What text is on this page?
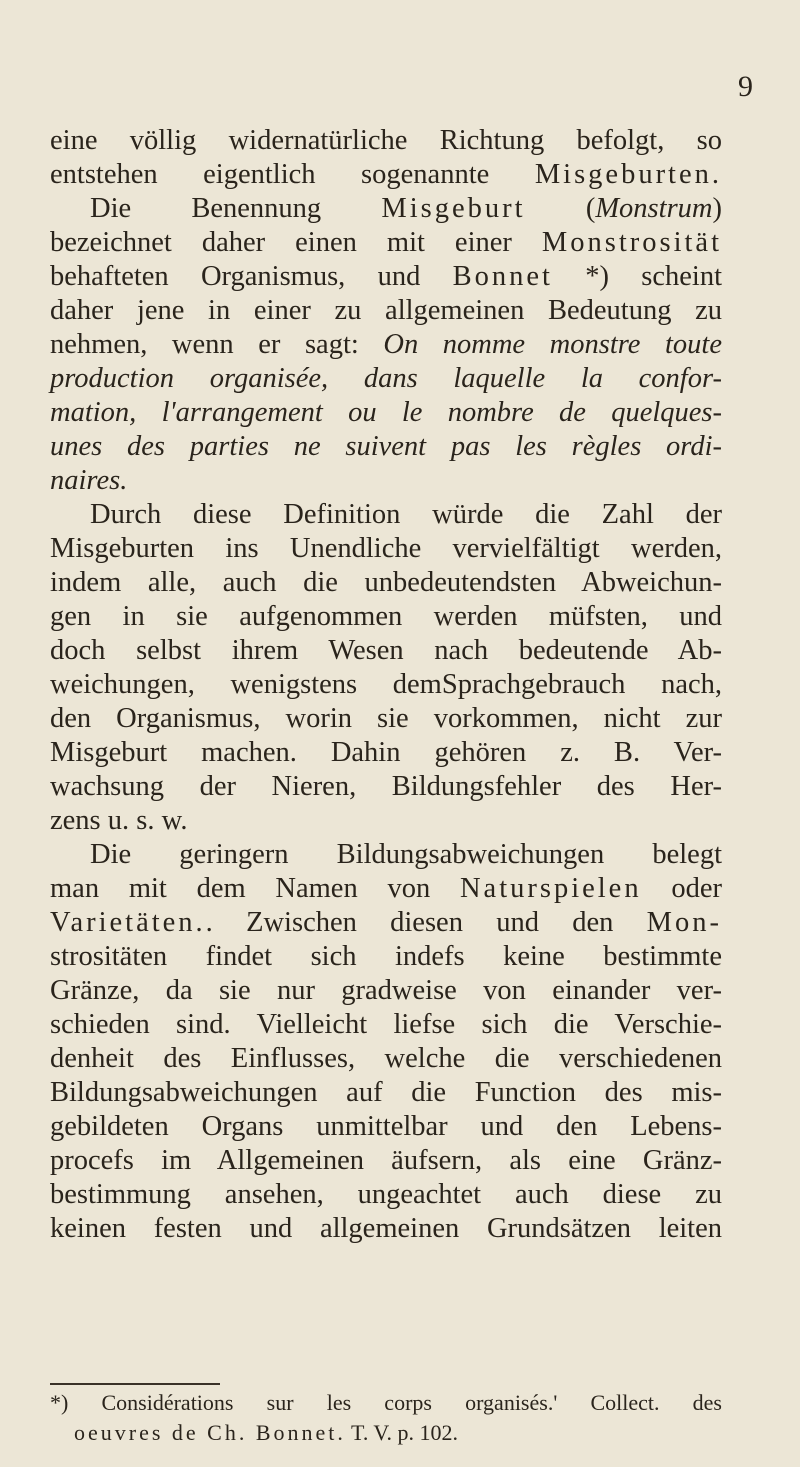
9
eine völlig widernatürliche Richtung befolgt, so
entstehen eigentlich sogenannte Misgeburten.
Die Benennung Misgeburt (Monstrum)
bezeichnet daher einen mit einer Monstrosität
behafteten Organismus, und Bonnet *) scheint
daher jene in einer zu allgemeinen Bedeutung zu
nehmen, wenn er sagt: On nomme monstre toute
production organisée, dans laquelle la confor-
mation, l'arrangement ou le nombre de quelques-
unes des parties ne suivent pas les règles ordi-
naires.
Durch diese Definition würde die Zahl der
Misgeburten ins Unendliche vervielfältigt werden,
indem alle, auch die unbedeutendsten Abweichun-
gen in sie aufgenommen werden müfsten, und
doch selbst ihrem Wesen nach bedeutende Ab-
weichungen, wenigstens demSprachgebrauch nach,
den Organismus, worin sie vorkommen, nicht zur
Misgeburt machen. Dahin gehören z. B. Ver-
wachsung der Nieren, Bildungsfehler des Her-
zens u. s. w.
Die geringern Bildungsabweichungen belegt
man mit dem Namen von Naturspielen oder
Varietäten.. Zwischen diesen und den Mon-
strositäten findet sich indefs keine bestimmte
Gränze, da sie nur gradweise von einander ver-
schieden sind. Vielleicht liefse sich die Verschie-
denheit des Einflusses, welche die verschiedenen
Bildungsabweichungen auf die Function des mis-
gebildeten Organs unmittelbar und den Lebens-
procefs im Allgemeinen äufsern, als eine Gränz-
bestimmung ansehen, ungeachtet auch diese zu
keinen festen und allgemeinen Grundsätzen leiten
*) Considérations sur les corps organisés.' Collect. des
oeuvres de Ch. Bonnet. T. V. p. 102.
